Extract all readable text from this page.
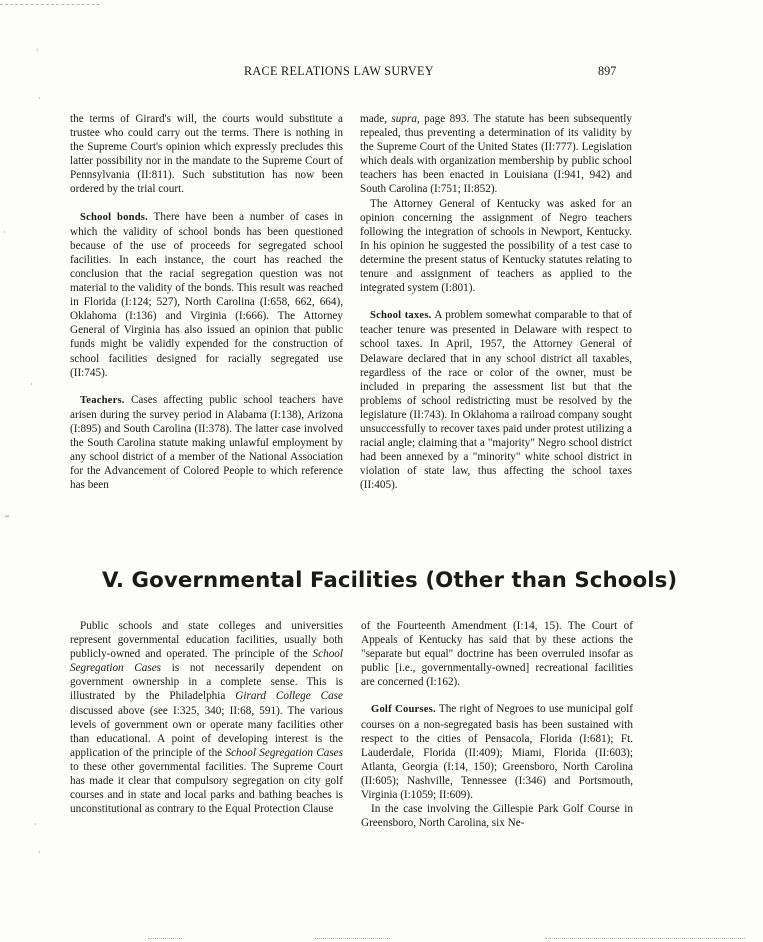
RACE RELATIONS LAW SURVEY	897

the terms of Girard's will, the courts would substitute a trustee who could carry out the terms. There is nothing in the Supreme Court's opinion which expressly precludes this latter possibility nor in the mandate to the Supreme Court of Pennsylvania (II:811). Such substitution has now been ordered by the trial court.

School bonds. There have been a number of cases in which the validity of school bonds has been questioned because of the use of proceeds for segregated school facilities. In each instance, the court has reached the conclusion that the racial segregation question was not material to the validity of the bonds. This result was reached in Florida (I:124; 527), North Carolina (I:658, 662, 664), Oklahoma (I:136) and Virginia (I:666). The Attorney General of Virginia has also issued an opinion that public funds might be validly expended for the construction of school facilities designed for racially segregated use (II:745).

Teachers. Cases affecting public school teachers have arisen during the survey period in Alabama (I:138), Arizona (I:895) and South Carolina (II:378). The latter case involved the South Carolina statute making unlawful employment by any school district of a member of the National Association for the Advancement of Colored People to which reference has been

made, supra, page 893. The statute has been subsequently repealed, thus preventing a determination of its validity by the Supreme Court of the United States (II:777). Legislation which deals with organization membership by public school teachers has been enacted in Louisiana (I:941, 942) and South Carolina (I:751; II:852).

The Attorney General of Kentucky was asked for an opinion concerning the assignment of Negro teachers following the integration of schools in Newport, Kentucky. In his opinion he suggested the possibility of a test case to determine the present status of Kentucky statutes relating to tenure and assignment of teachers as applied to the integrated system (I:801).

School taxes. A problem somewhat comparable to that of teacher tenure was presented in Delaware with respect to school taxes. In April, 1957, the Attorney General of Delaware declared that in any school district all taxables, regardless of the race or color of the owner, must be included in preparing the assessment list but that the problems of school redistricting must be resolved by the legislature (II:743). In Oklahoma a railroad company sought unsuccessfully to recover taxes paid under protest utilizing a racial angle; claiming that a "majority" Negro school district had been annexed by a "minority" white school district in violation of state law, thus affecting the school taxes (II:405).

V. Governmental Facilities (Other than Schools)

Public schools and state colleges and universities represent governmental education facilities, usually both publicly-owned and operated. The principle of the School Segregation Cases is not necessarily dependent on government ownership in a complete sense. This is illustrated by the Philadelphia Girard College Case discussed above (see I:325, 340; II:68, 591). The various levels of government own or operate many facilities other than educational. A point of developing interest is the application of the principle of the School Segregation Cases to these other governmental facilities. The Supreme Court has made it clear that compulsory segregation on city golf courses and in state and local parks and bathing beaches is unconstitutional as contrary to the Equal Protection Clause

of the Fourteenth Amendment (I:14, 15). The Court of Appeals of Kentucky has said that by these actions the "separate but equal" doctrine has been overruled insofar as public [i.e., governmentally-owned] recreational facilities are concerned (I:162).

Golf Courses. The right of Negroes to use municipal golf courses on a non-segregated basis has been sustained with respect to the cities of Pensacola, Florida (I:681); Ft. Lauderdale, Florida (II:409); Miami, Florida (II:603); Atlanta, Georgia (I:14, 150); Greensboro, North Carolina (II:605); Nashville, Tennessee (I:346) and Portsmouth, Virginia (I:1059; II:609).

In the case involving the Gillespie Park Golf Course in Greensboro, North Carolina, six Ne-

·
·
·
·
~
·
·
